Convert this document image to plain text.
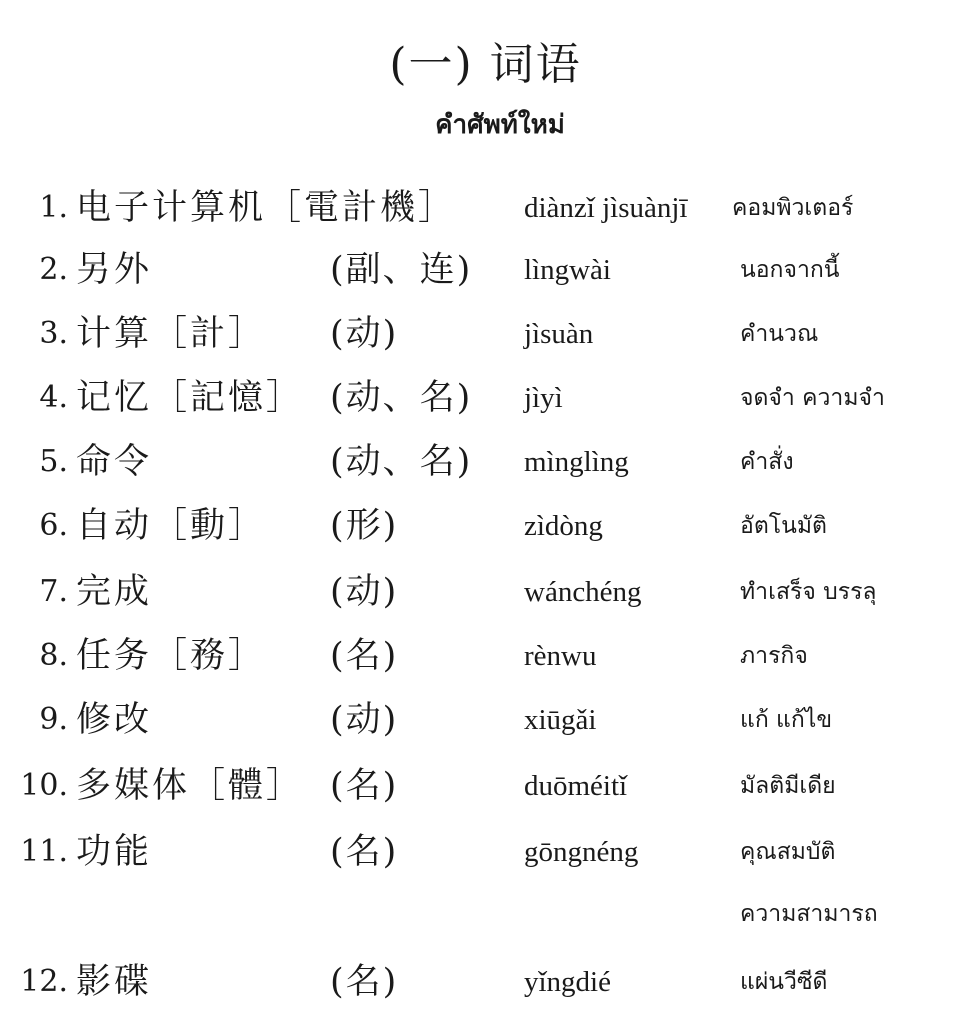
(一) 词语
คำศัพท์ใหม่
1. 电子计算机［電計機］ diànzǐ jìsuànjī คอมพิวเตอร์
2. 另外	(副、连) lìngwài	นอกจากนี้
3. 计算［計］ (动)	jìsuàn	คำนวณ
4. 记忆［記憶］ (动、名) jìyì	จดจำ ความจำ
5. 命令	(动、名) mìnglìng	คำสั่ง
6. 自动［動］ (形)	zìdòng	อัตโนมัติ
7. 完成	(动)	wánchéng	ทำเสร็จ บรรลุ
8. 任务［務］ (名)	rènwu	ภารกิจ
9. 修改	(动)	xiūgǎi	แก้ แก้ไข
10. 多媒体［體］ (名)	duōméitǐ	มัลติมีเดีย
11. 功能	(名)	gōngnéng	คุณสมบัติ
ความสามารถ
12. 影碟	(名)	yǐngdié	แผ่นวีซีดี
